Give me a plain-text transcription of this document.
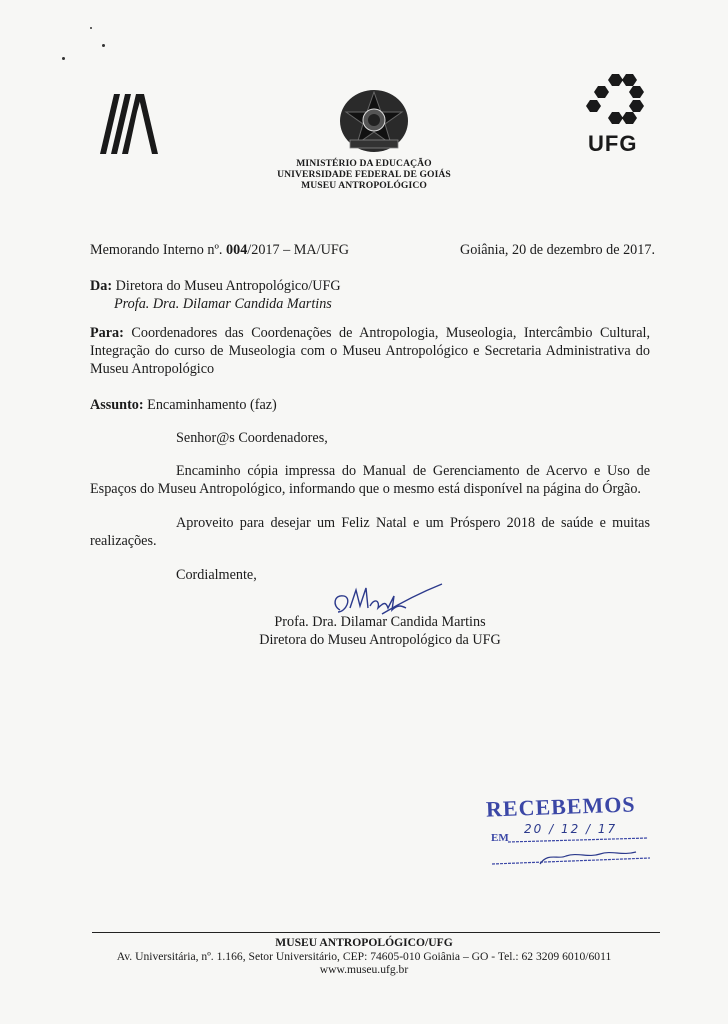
UFG
MINISTÉRIO DA EDUCAÇÃO
UNIVERSIDADE FEDERAL DE GOIÁS
MUSEU ANTROPOLÓGICO
Memorando Interno nº. 004/2017 – MA/UFG	Goiânia, 20 de dezembro de 2017.
Da: Diretora do Museu Antropológico/UFG
Profa. Dra. Dilamar Candida Martins
Para: Coordenadores das Coordenações de Antropologia, Museologia, Intercâmbio Cultural, Integração do curso de Museologia com o Museu Antropológico e Secretaria Administrativa do Museu Antropológico
Assunto: Encaminhamento (faz)
Senhor@s Coordenadores,
Encaminho cópia impressa do Manual de Gerenciamento de Acervo e Uso de Espaços do Museu Antropológico, informando que o mesmo está disponível na página do Órgão.
Aproveito para desejar um Feliz Natal e um Próspero 2018 de saúde e muitas realizações.
Cordialmente,
Profa. Dra. Dilamar Candida Martins
Diretora do Museu Antropológico da UFG
RECEBEMOS
EM
20 / 12 / 17
MUSEU ANTROPOLÓGICO/UFG
Av. Universitária, nº. 1.166, Setor Universitário, CEP: 74605-010 Goiânia – GO - Tel.: 62 3209 6010/6011
www.museu.ufg.br
